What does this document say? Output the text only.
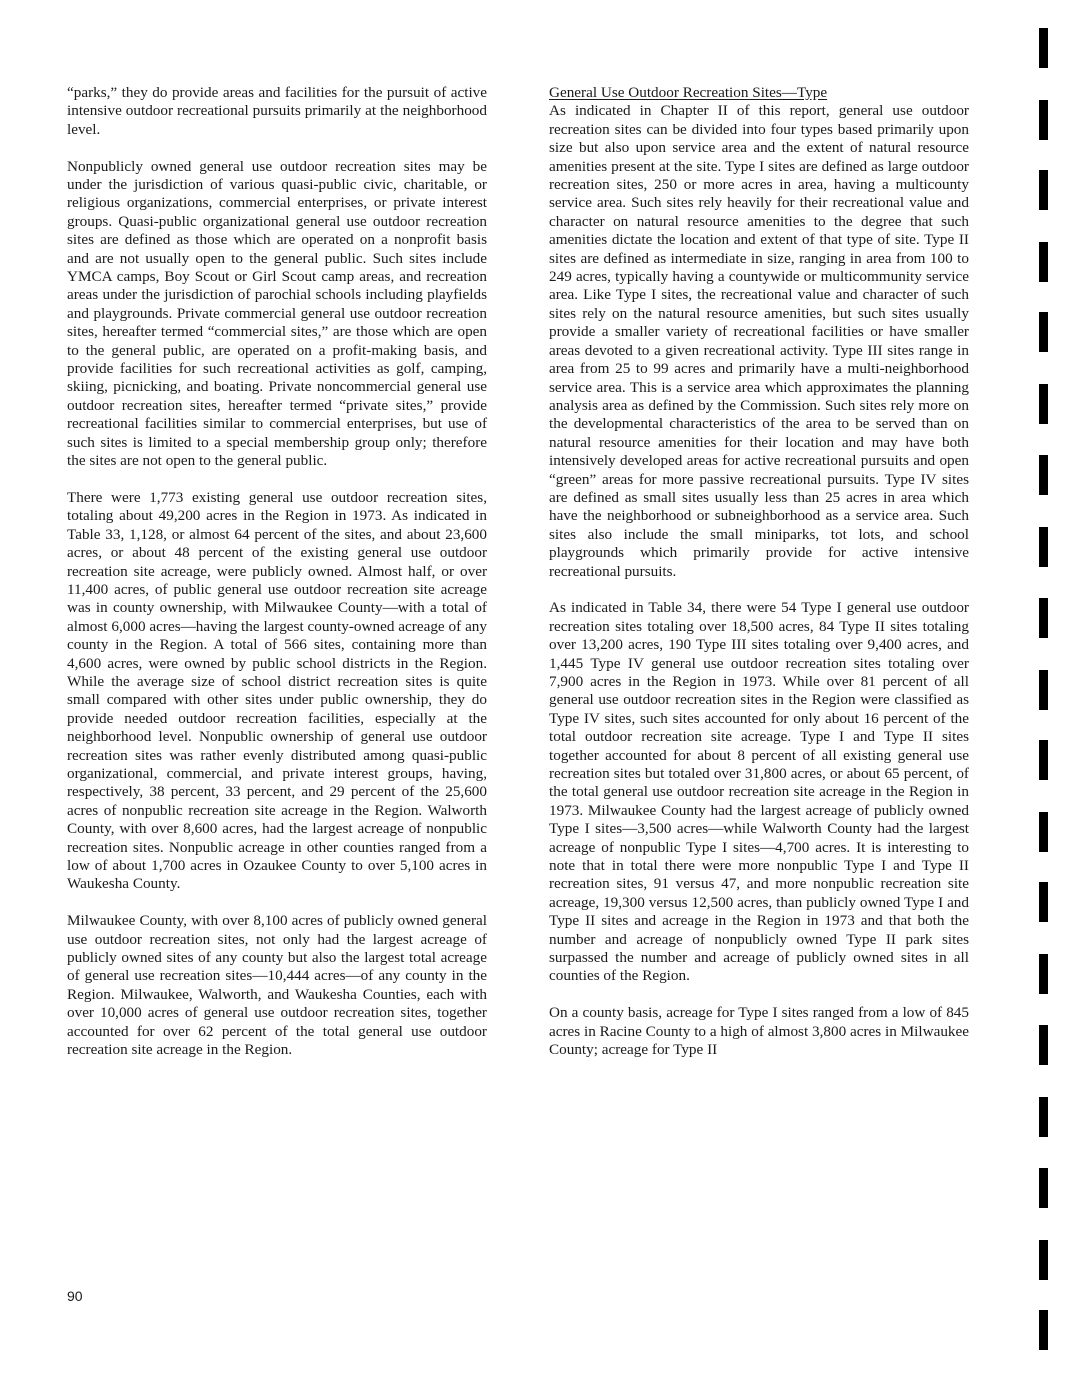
“parks,” they do provide areas and facilities for the pursuit of active intensive outdoor recreational pursuits primarily at the neighborhood level.

Nonpublicly owned general use outdoor recreation sites may be under the jurisdiction of various quasi-public civic, charitable, or religious organizations, commercial enterprises, or private interest groups. Quasi-public organizational general use outdoor recreation sites are defined as those which are operated on a nonprofit basis and are not usually open to the general public. Such sites include YMCA camps, Boy Scout or Girl Scout camp areas, and recreation areas under the jurisdiction of parochial schools including playfields and playgrounds. Private commercial general use outdoor recreation sites, hereafter termed “commercial sites,” are those which are open to the general public, are operated on a profit-making basis, and provide facilities for such recreational activities as golf, camping, skiing, picnicking, and boating. Private noncommercial general use outdoor recreation sites, hereafter termed “private sites,” provide recreational facilities similar to commercial enterprises, but use of such sites is limited to a special membership group only; therefore the sites are not open to the general public.

There were 1,773 existing general use outdoor recreation sites, totaling about 49,200 acres in the Region in 1973. As indicated in Table 33, 1,128, or almost 64 percent of the sites, and about 23,600 acres, or about 48 percent of the existing general use outdoor recreation site acreage, were publicly owned. Almost half, or over 11,400 acres, of public general use outdoor recreation site acreage was in county ownership, with Milwaukee County—with a total of almost 6,000 acres—having the largest county-owned acreage of any county in the Region. A total of 566 sites, containing more than 4,600 acres, were owned by public school districts in the Region. While the average size of school district recreation sites is quite small compared with other sites under public ownership, they do provide needed outdoor recreation facilities, especially at the neighborhood level. Nonpublic ownership of general use outdoor recreation sites was rather evenly distributed among quasi-public organizational, commercial, and private interest groups, having, respectively, 38 percent, 33 percent, and 29 percent of the 25,600 acres of nonpublic recreation site acreage in the Region. Walworth County, with over 8,600 acres, had the largest acreage of nonpublic recreation sites. Nonpublic acreage in other counties ranged from a low of about 1,700 acres in Ozaukee County to over 5,100 acres in Waukesha County.

Milwaukee County, with over 8,100 acres of publicly owned general use outdoor recreation sites, not only had the largest acreage of publicly owned sites of any county but also the largest total acreage of general use recreation sites—10,444 acres—of any county in the Region. Milwaukee, Walworth, and Waukesha Counties, each with over 10,000 acres of general use outdoor recreation sites, together accounted for over 62 percent of the total general use outdoor recreation site acreage in the Region.

General Use Outdoor Recreation Sites—Type

As indicated in Chapter II of this report, general use outdoor recreation sites can be divided into four types based primarily upon size but also upon service area and the extent of natural resource amenities present at the site. Type I sites are defined as large outdoor recreation sites, 250 or more acres in area, having a multicounty service area. Such sites rely heavily for their recreational value and character on natural resource amenities to the degree that such amenities dictate the location and extent of that type of site. Type II sites are defined as intermediate in size, ranging in area from 100 to 249 acres, typically having a countywide or multicommunity service area. Like Type I sites, the recreational value and character of such sites rely on the natural resource amenities, but such sites usually provide a smaller variety of recreational facilities or have smaller areas devoted to a given recreational activity. Type III sites range in area from 25 to 99 acres and primarily have a multi-neighborhood service area. This is a service area which approximates the planning analysis area as defined by the Commission. Such sites rely more on the developmental characteristics of the area to be served than on natural resource amenities for their location and may have both intensively developed areas for active recreational pursuits and open “green” areas for more passive recreational pursuits. Type IV sites are defined as small sites usually less than 25 acres in area which have the neighborhood or subneighborhood as a service area. Such sites also include the small miniparks, tot lots, and school playgrounds which primarily provide for active intensive recreational pursuits.

As indicated in Table 34, there were 54 Type I general use outdoor recreation sites totaling over 18,500 acres, 84 Type II sites totaling over 13,200 acres, 190 Type III sites totaling over 9,400 acres, and 1,445 Type IV general use outdoor recreation sites totaling over 7,900 acres in the Region in 1973. While over 81 percent of all general use outdoor recreation sites in the Region were classified as Type IV sites, such sites accounted for only about 16 percent of the total outdoor recreation site acreage. Type I and Type II sites together accounted for about 8 percent of all existing general use recreation sites but totaled over 31,800 acres, or about 65 percent, of the total general use outdoor recreation site acreage in the Region in 1973. Milwaukee County had the largest acreage of publicly owned Type I sites—3,500 acres—while Walworth County had the largest acreage of nonpublic Type I sites—4,700 acres. It is interesting to note that in total there were more nonpublic Type I and Type II recreation sites, 91 versus 47, and more nonpublic recreation site acreage, 19,300 versus 12,500 acres, than publicly owned Type I and Type II sites and acreage in the Region in 1973 and that both the number and acreage of nonpublicly owned Type II park sites surpassed the number and acreage of publicly owned sites in all counties of the Region.

On a county basis, acreage for Type I sites ranged from a low of 845 acres in Racine County to a high of almost 3,800 acres in Milwaukee County; acreage for Type II

90
